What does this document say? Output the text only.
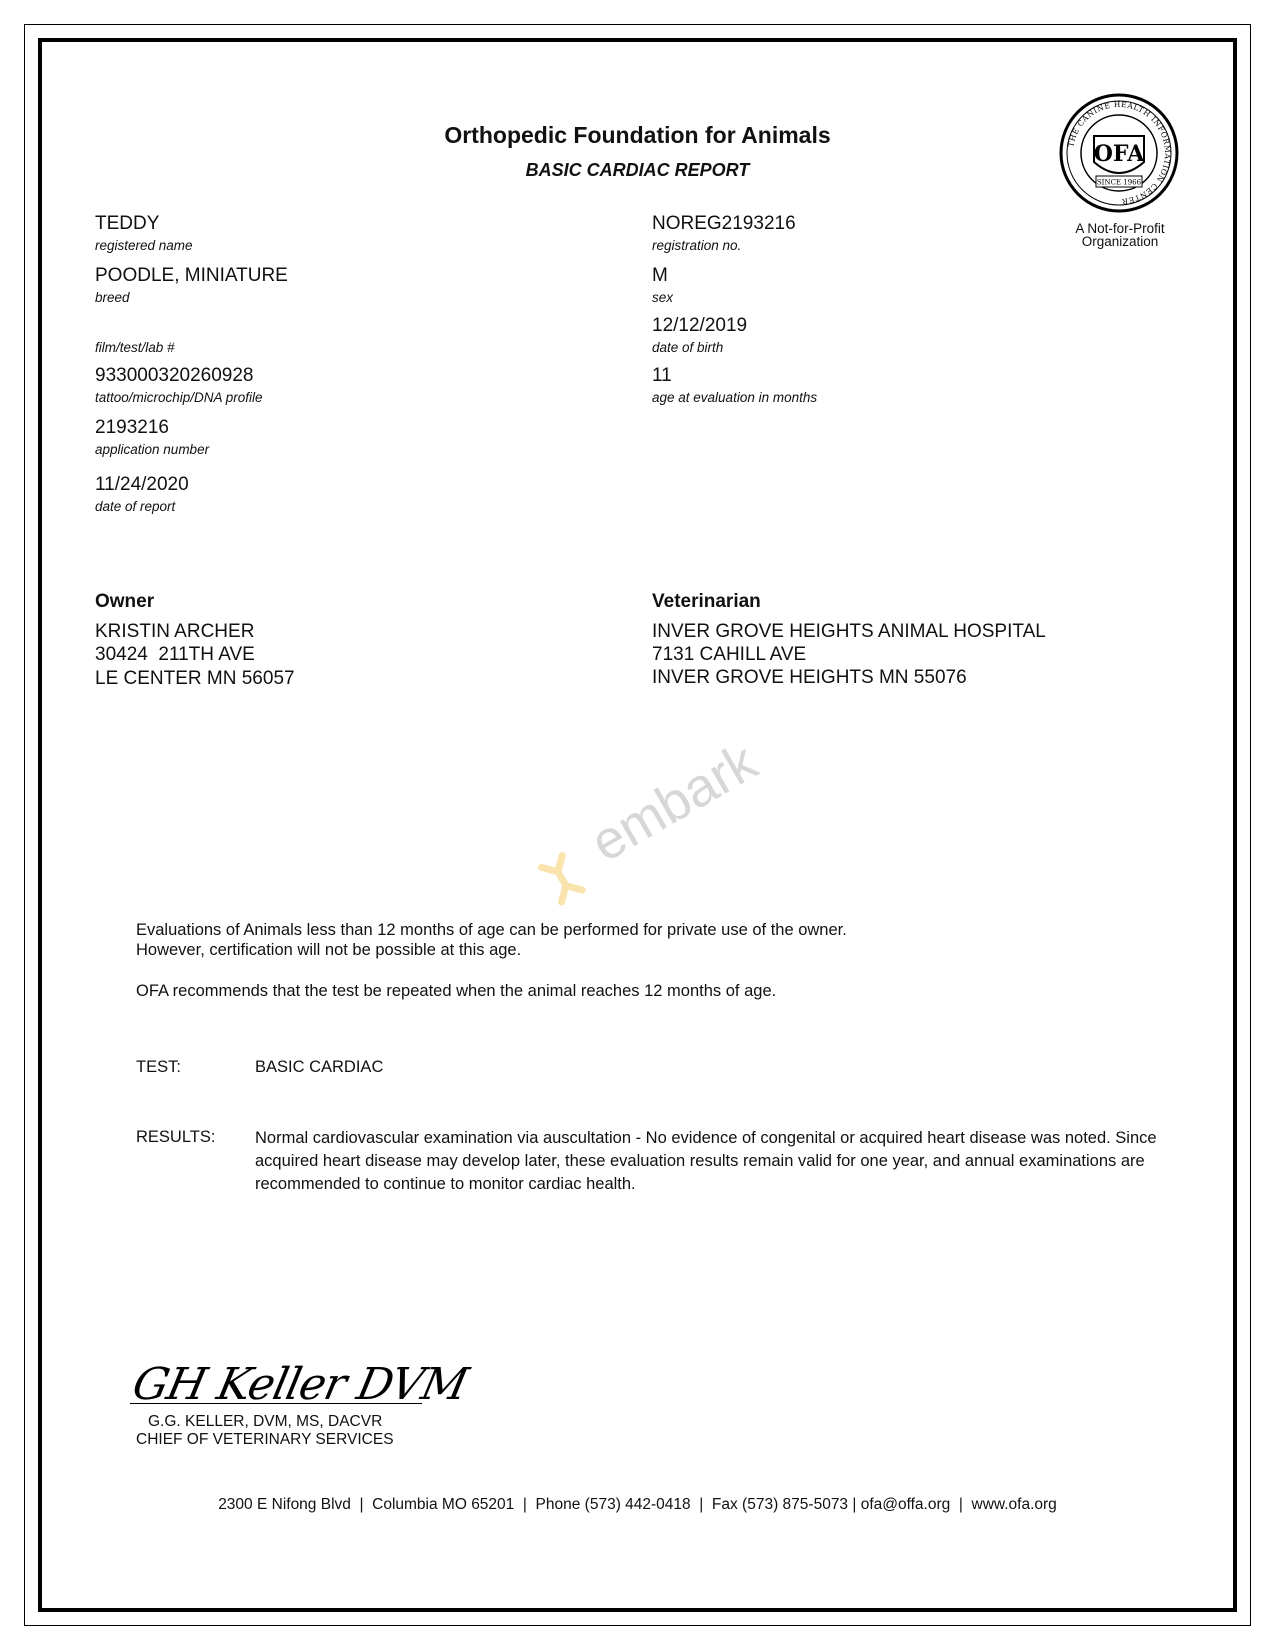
Orthopedic Foundation for Animals
BASIC CARDIAC REPORT
THE CANINE HEALTH INFORMATION CENTER
OFA
SINCE 1966
A Not-for-Profit Organization
TEDDY
registered name
POODLE, MINIATURE
breed
film/test/lab #
933000320260928
tattoo/microchip/DNA profile
2193216
application number
11/24/2020
date of report
NOREG2193216
registration no.
M
sex
12/12/2019
date of birth
11
age at evaluation in months
Owner
KRISTIN ARCHER
30424  211TH AVE
LE CENTER MN 56057
Veterinarian
INVER GROVE HEIGHTS ANIMAL HOSPITAL
7131 CAHILL AVE
INVER GROVE HEIGHTS MN 55076
embark
Evaluations of Animals less than 12 months of age can be performed for private use of the owner.
However, certification will not be possible at this age.
OFA recommends that the test be repeated when the animal reaches 12 months of age.
TEST:	BASIC CARDIAC
RESULTS: Normal cardiovascular examination via auscultation - No evidence of congenital or acquired heart disease was noted. Since acquired heart disease may develop later, these evaluation results remain valid for one year, and annual examinations are recommended to continue to monitor cardiac health.
GH Keller DVM
G.G. KELLER, DVM, MS, DACVR
CHIEF OF VETERINARY SERVICES
2300 E Nifong Blvd  |  Columbia MO 65201  |  Phone (573) 442-0418  |  Fax (573) 875-5073 | ofa@offa.org  |  www.ofa.org
